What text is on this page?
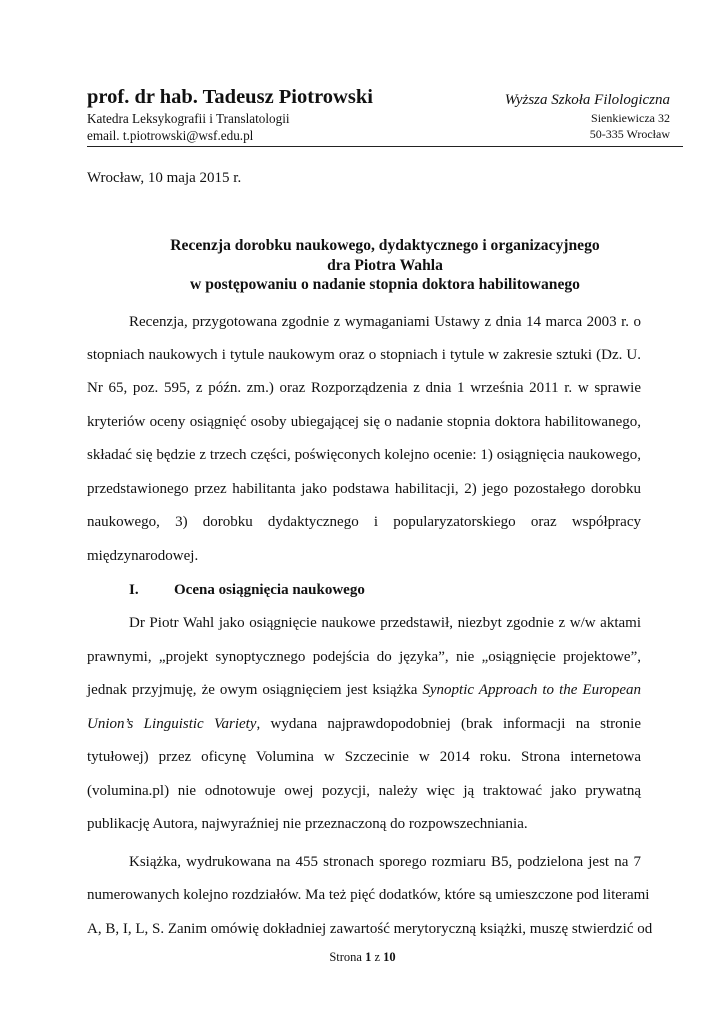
prof. dr hab. Tadeusz Piotrowski
Katedra Leksykografii i Translatologii
email. t.piotrowski@wsf.edu.pl
Wyższa Szkoła Filologiczna
Sienkiewicza 32
50-335 Wrocław
Wrocław, 10 maja 2015 r.
Recenzja dorobku naukowego, dydaktycznego i organizacyjnego
dra Piotra Wahla
w postępowaniu o nadanie stopnia doktora habilitowanego
Recenzja, przygotowana zgodnie z wymaganiami Ustawy z dnia 14 marca 2003 r. o
stopniach naukowych i tytule naukowym oraz o stopniach i tytule w zakresie sztuki (Dz. U.
Nr 65, poz. 595, z późn. zm.) oraz Rozporządzenia z dnia 1 września 2011 r. w sprawie
kryteriów oceny osiągnięć osoby ubiegającej się o nadanie stopnia doktora habilitowanego,
składać się będzie z trzech części, poświęconych kolejno ocenie: 1) osiągnięcia naukowego,
przedstawionego przez habilitanta jako podstawa habilitacji, 2) jego pozostałego dorobku
naukowego, 3) dorobku dydaktycznego i popularyzatorskiego oraz współpracy
międzynarodowej.
I. Ocena osiągnięcia naukowego
Dr Piotr Wahl jako osiągnięcie naukowe przedstawił, niezbyt zgodnie z w/w aktami
prawnymi, „projekt synoptycznego podejścia do języka”, nie „osiągnięcie projektowe”,
jednak przyjmuję, że owym osiągnięciem jest książka Synoptic Approach to the European
Union’s Linguistic Variety, wydana najprawdopodobniej (brak informacji na stronie
tytułowej) przez oficynę Volumina w Szczecinie w 2014 roku. Strona internetowa
(volumina.pl) nie odnotowuje owej pozycji, należy więc ją traktować jako prywatną
publikację Autora, najwyraźniej nie przeznaczoną do rozpowszechniania.
Książka, wydrukowana na 455 stronach sporego rozmiaru B5, podzielona jest na 7
numerowanych kolejno rozdziałów. Ma też pięć dodatków, które są umieszczone pod literami
A, B, I, L, S. Zanim omówię dokładniej zawartość merytoryczną książki, muszę stwierdzić od
Strona 1 z 10
